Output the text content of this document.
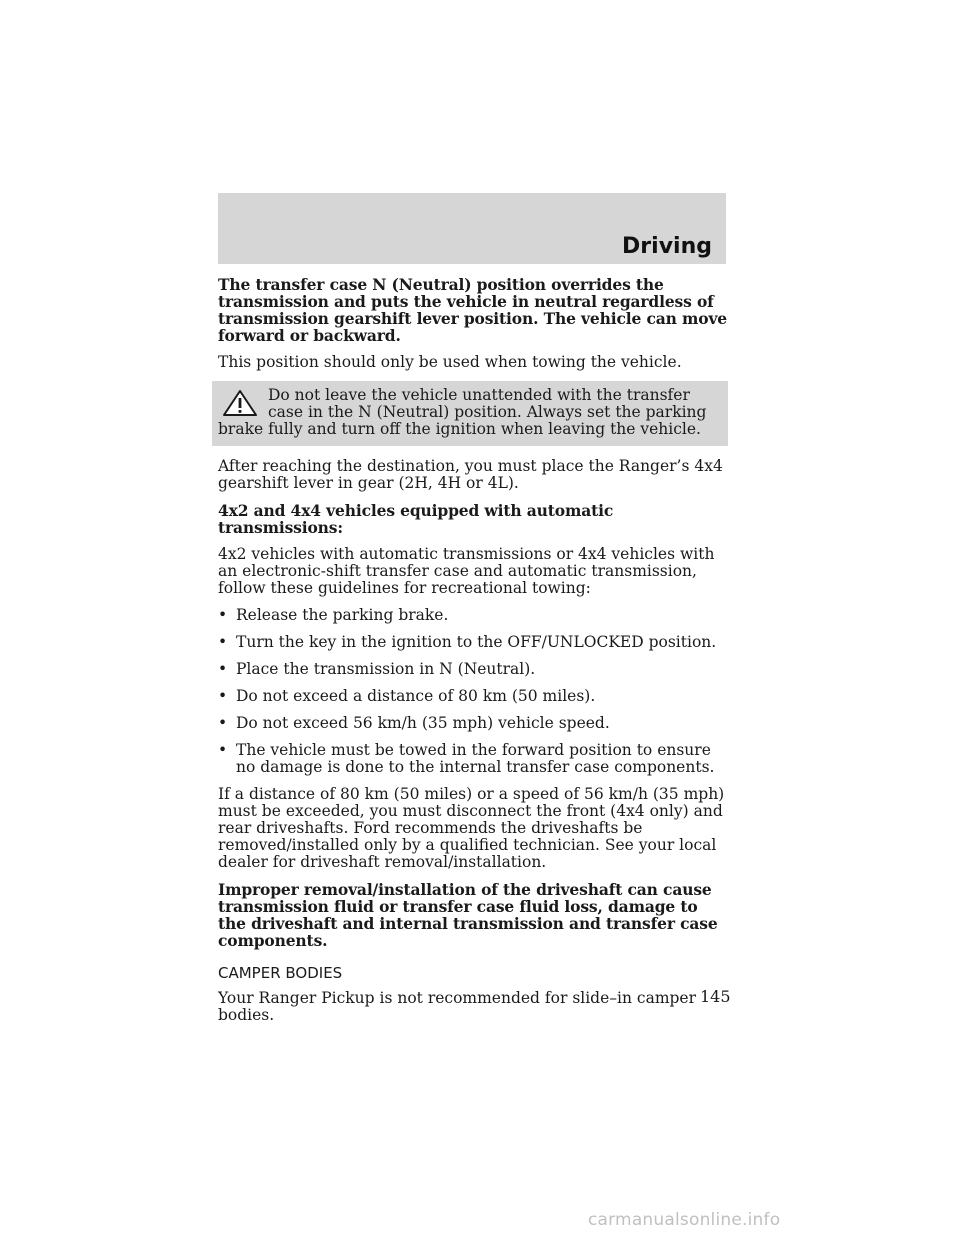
Driving

The transfer case N (Neutral) position overrides the transmission and puts the vehicle in neutral regardless of transmission gearshift lever position. The vehicle can move forward or backward.

This position should only be used when towing the vehicle.

Do not leave the vehicle unattended with the transfer case in the N (Neutral) position. Always set the parking brake fully and turn off the ignition when leaving the vehicle.

After reaching the destination, you must place the Ranger’s 4x4 gearshift lever in gear (2H, 4H or 4L).

4x2 and 4x4 vehicles equipped with automatic transmissions:

4x2 vehicles with automatic transmissions or 4x4 vehicles with an electronic-shift transfer case and automatic transmission, follow these guidelines for recreational towing:

• Release the parking brake.
• Turn the key in the ignition to the OFF/UNLOCKED position.
• Place the transmission in N (Neutral).
• Do not exceed a distance of 80 km (50 miles).
• Do not exceed 56 km/h (35 mph) vehicle speed.
• The vehicle must be towed in the forward position to ensure no damage is done to the internal transfer case components.

If a distance of 80 km (50 miles) or a speed of 56 km/h (35 mph) must be exceeded, you must disconnect the front (4x4 only) and rear driveshafts. Ford recommends the driveshafts be removed/installed only by a qualified technician. See your local dealer for driveshaft removal/installation.

Improper removal/installation of the driveshaft can cause transmission fluid or transfer case fluid loss, damage to the driveshaft and internal transmission and transfer case components.

CAMPER BODIES

Your Ranger Pickup is not recommended for slide–in camper bodies.

145
carmanualsonline.info
